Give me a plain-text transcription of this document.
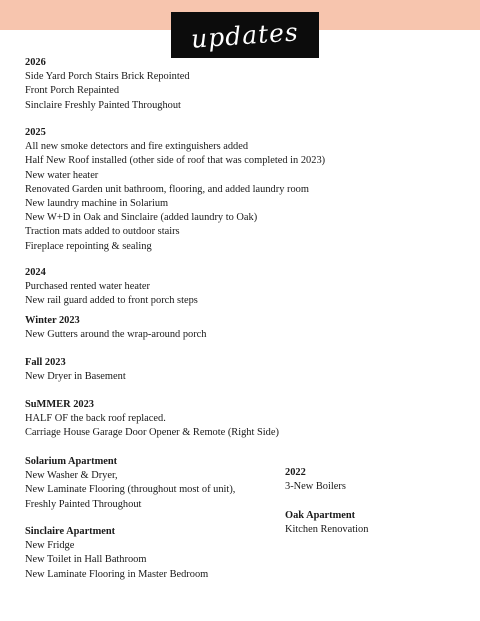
updates
2026
Side Yard Porch Stairs Brick Repointed
Front Porch Repainted
Sinclaire Freshly Painted Throughout
2025
All new smoke detectors and fire extinguishers added
Half New Roof installed (other side of roof that was completed in 2023)
New water heater
Renovated Garden unit bathroom, flooring, and added laundry room
New laundry machine in Solarium
New W+D in Oak and Sinclaire (added laundry to Oak)
Traction mats added to outdoor stairs
Fireplace repointing & sealing
2024
Purchased rented water heater
New rail guard added to front porch steps
Winter 2023
New Gutters around the wrap-around porch
Fall 2023
New Dryer in Basement
SuMMER 2023
HALF OF the back roof replaced.
Carriage House Garage Door Opener & Remote (Right Side)
Solarium Apartment
New Washer & Dryer,
New Laminate Flooring (throughout most of unit),
Freshly Painted Throughout
Sinclaire Apartment
New Fridge
New Toilet in Hall Bathroom
New Laminate Flooring in Master Bedroom
2022
3-New Boilers
Oak Apartment
Kitchen Renovation
